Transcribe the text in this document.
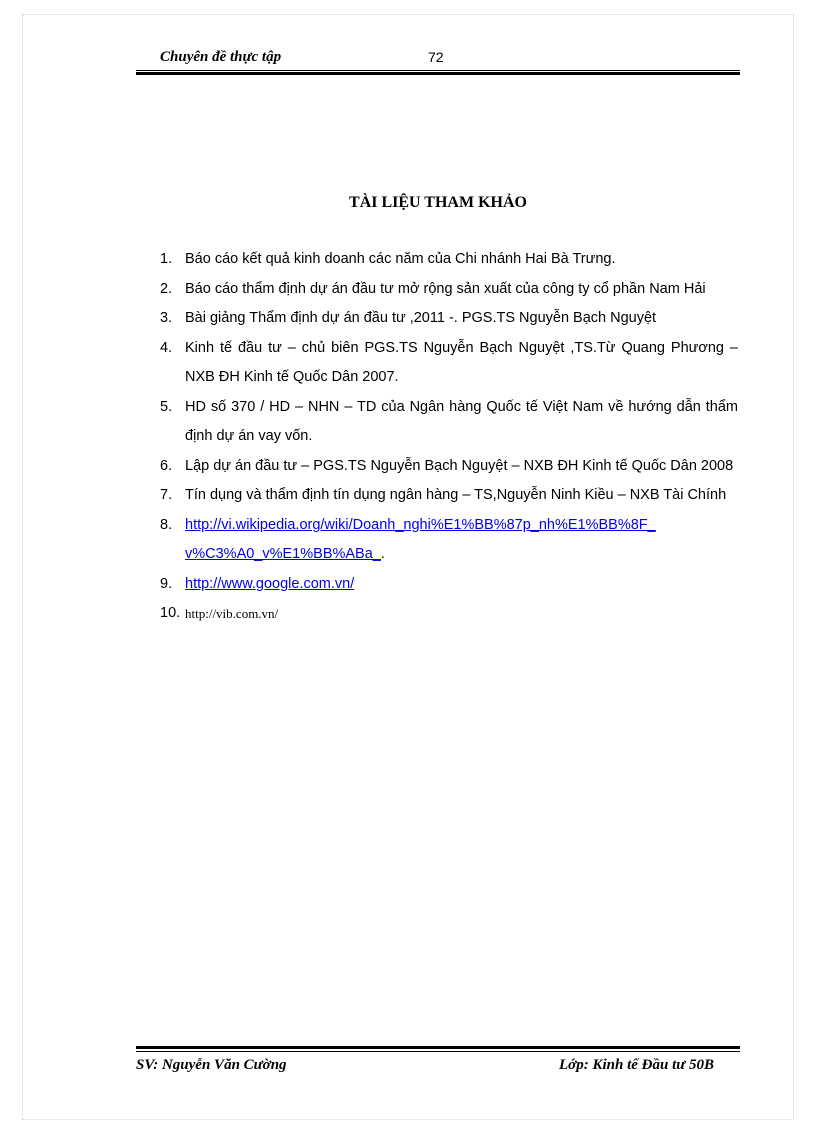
Chuyên đề thực tập	72
TÀI LIỆU THAM KHẢO
1. Báo cáo kết quả kinh doanh các năm của Chi nhánh Hai Bà Trưng.
2. Báo cáo thẩm định dự án đầu tư mở rộng sản xuất của công ty cổ phần Nam Hải
3. Bài giảng Thẩm định dự án đầu tư ,2011 -. PGS.TS Nguyễn Bạch Nguyệt
4. Kinh tế đầu tư – chủ biên PGS.TS Nguyễn Bạch Nguyệt ,TS.Từ Quang Phương – NXB ĐH Kinh tế Quốc Dân 2007.
5. HD số 370 / HD – NHN – TD của Ngân hàng Quốc tế Việt Nam về hướng dẫn thẩm định dự án vay vốn.
6. Lập dự án đầu tư – PGS.TS Nguyễn Bạch Nguyệt – NXB ĐH Kinh tế Quốc Dân 2008
7. Tín dụng và thẩm định tín dụng ngân hàng – TS,Nguyễn Ninh Kiều – NXB Tài Chính
8. http://vi.wikipedia.org/wiki/Doanh_nghi%E1%BB%87p_nh%E1%BB%8F_
v%C3%A0_v%E1%BB%ABa_.
9. http://www.google.com.vn/
10. http://vib.com.vn/
SV: Nguyễn Văn Cường	Lớp: Kinh tế Đầu tư 50B
